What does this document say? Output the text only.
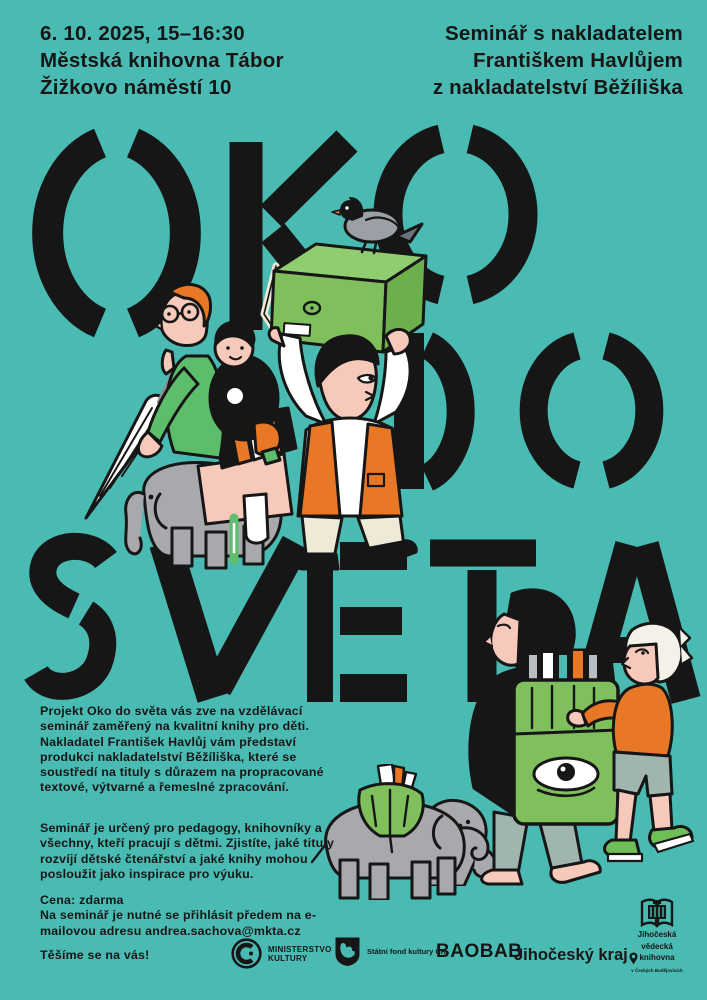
6. 10. 2025, 15–16:30
Městská knihovna Tábor
Žižkovo náměstí 10
Seminář s nakladatelem
Františkem Havlůjem
z nakladatelství Běžíliška
Projekt Oko do světa vás zve na vzdělávací seminář zaměřený na kvalitní knihy pro děti. Nakladatel František Havlůj vám představí produkci nakladatelství Běžíliška, které se soustředí na tituly s důrazem na propracované textové, výtvarné a řemeslné zpracování.
Seminář je určený pro pedagogy, knihovníky a všechny, kteří pracují s dětmi. Zjistíte, jaké tituly rozvíjí dětské čtenářství a jaké knihy mohou posloužit jako inspirace pro výuku.
Cena: zdarma
Na seminář je nutné se přihlásit předem na e-mailovou adresu andrea.sachova@mkta.cz
Těšíme se na vás!	MINISTERSTVO
KULTURY
Státní fond kultury ČR
BAOBAB
Jihočeský kraj
Jihočeská
vědecká
knihovna
v Českých Budějovicích
